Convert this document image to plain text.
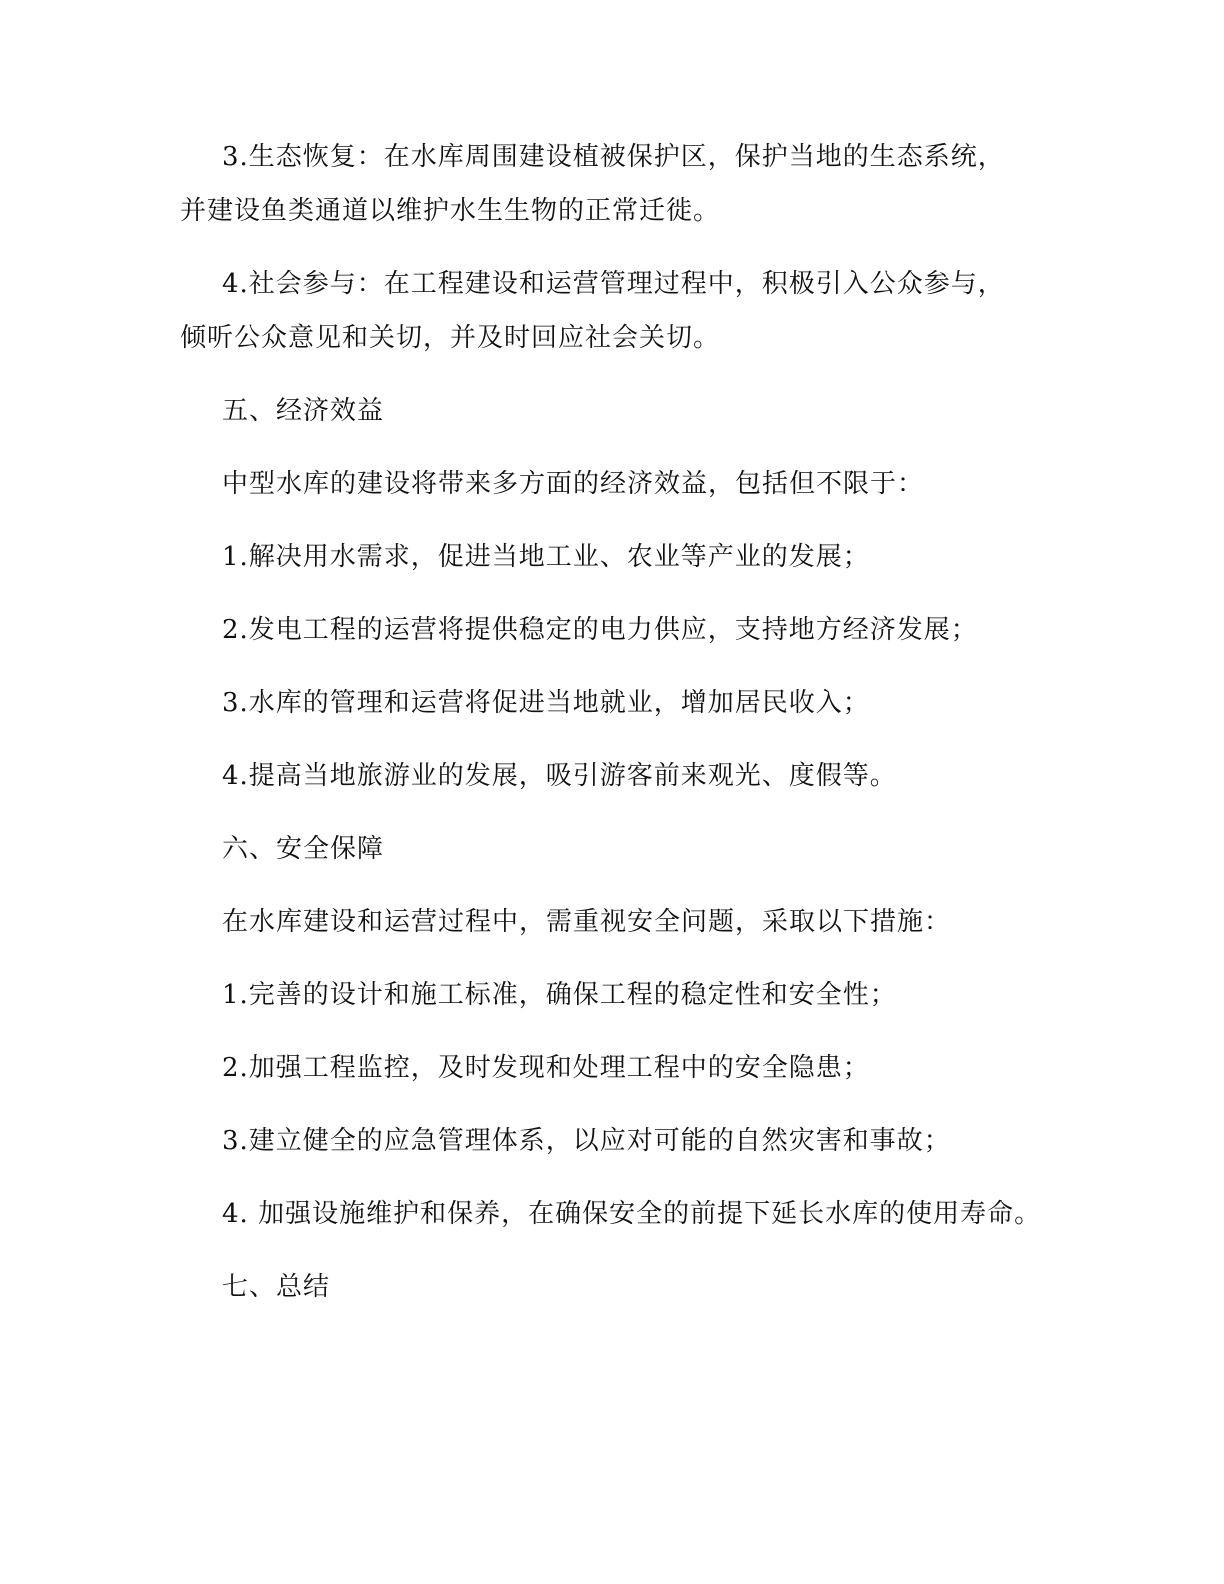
3.生态恢复：在水库周围建设植被保护区，保护当地的生态系统，
并建设鱼类通道以维护水生生物的正常迁徙。
4.社会参与：在工程建设和运营管理过程中，积极引入公众参与，
倾听公众意见和关切，并及时回应社会关切。
五、经济效益
中型水库的建设将带来多方面的经济效益，包括但不限于：
1.解决用水需求，促进当地工业、农业等产业的发展；
2.发电工程的运营将提供稳定的电力供应，支持地方经济发展；
3.水库的管理和运营将促进当地就业，增加居民收入；
4.提高当地旅游业的发展，吸引游客前来观光、度假等。
六、安全保障
在水库建设和运营过程中，需重视安全问题，采取以下措施：
1.完善的设计和施工标准，确保工程的稳定性和安全性；
2.加强工程监控，及时发现和处理工程中的安全隐患；
3.建立健全的应急管理体系，以应对可能的自然灾害和事故；
4. 加强设施维护和保养，在确保安全的前提下延长水库的使用寿命。
七、总结
